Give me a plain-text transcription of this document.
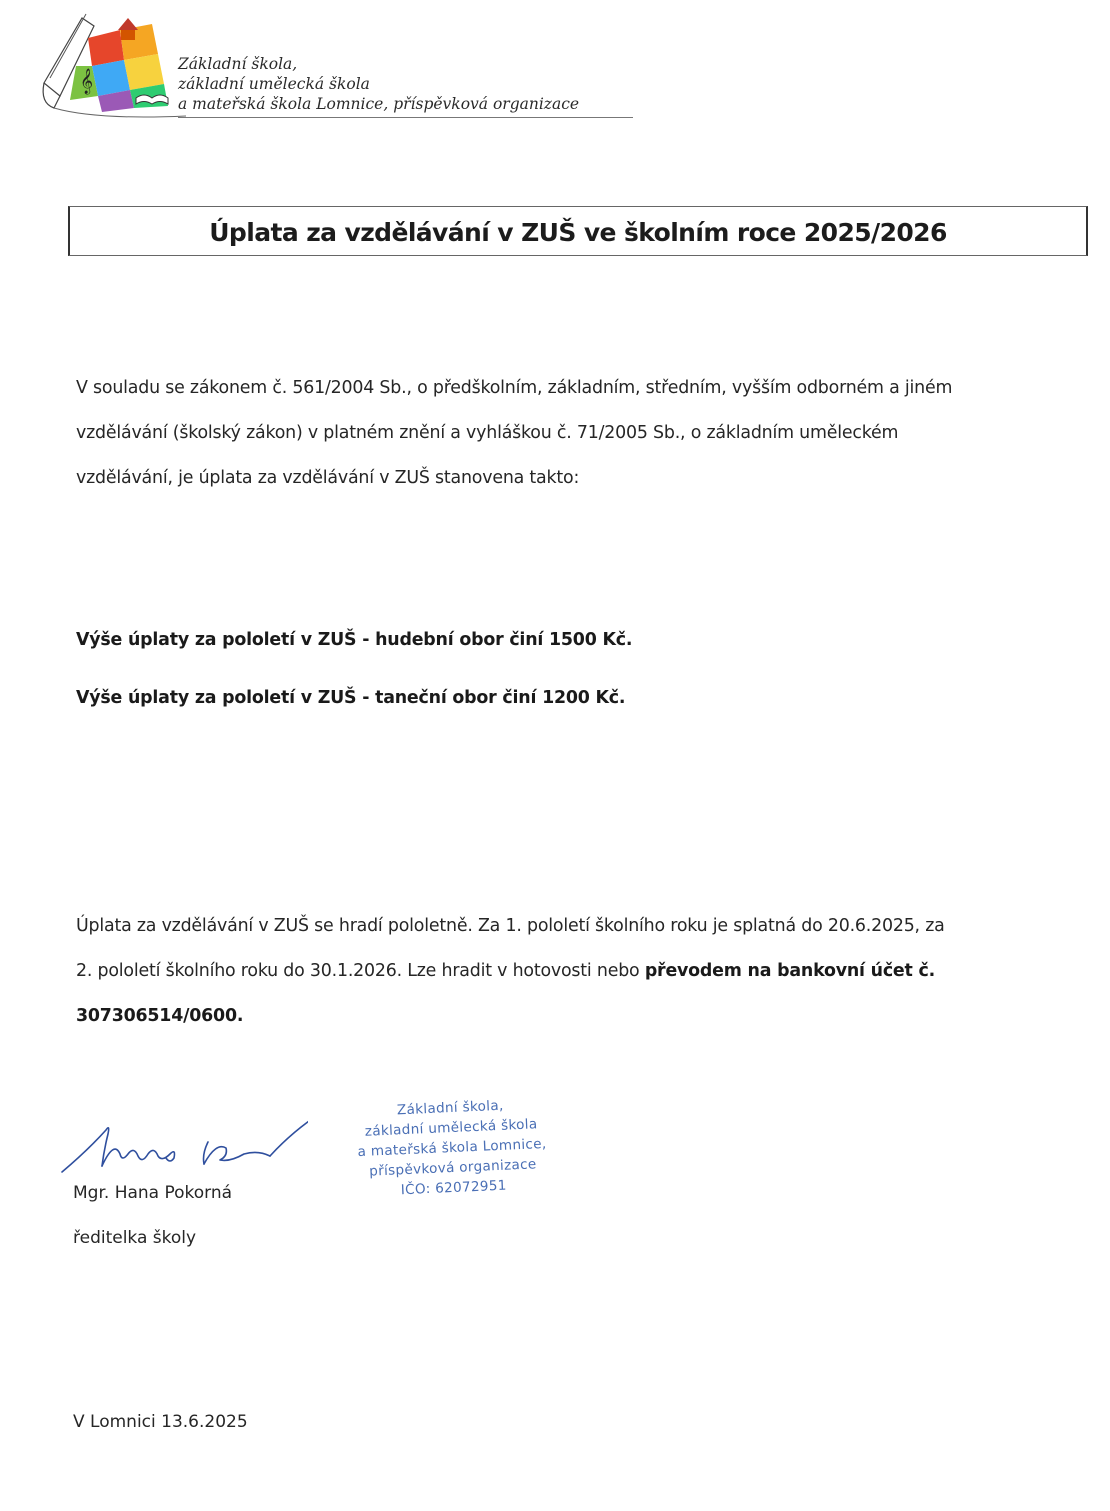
𝄞
Základní škola,
základní umělecká škola
a mateřská škola Lomnice, příspěvková organizace
Úplata za vzdělávání v ZUŠ ve školním roce 2025/2026
V souladu se zákonem č. 561/2004 Sb., o předškolním, základním, středním, vyšším odborném a jiném
vzdělávání (školský zákon) v platném znění a vyhláškou č. 71/2005 Sb., o základním uměleckém
vzdělávání, je úplata za vzdělávání v ZUŠ stanovena takto:
Výše úplaty za pololetí v ZUŠ - hudební obor činí 1500 Kč.
Výše úplaty za pololetí v ZUŠ - taneční obor činí 1200 Kč.
Úplata za vzdělávání v ZUŠ se hradí pololetně. Za 1. pololetí školního roku je splatná do 20.6.2025, za
2. pololetí školního roku do 30.1.2026. Lze hradit v hotovosti nebo převodem na bankovní účet č.
307306514/0600.
Základní škola,
základní umělecká škola
a mateřská škola Lomnice,
příspěvková organizace
IČO: 62072951
Mgr. Hana Pokorná
ředitelka školy
V Lomnici 13.6.2025
